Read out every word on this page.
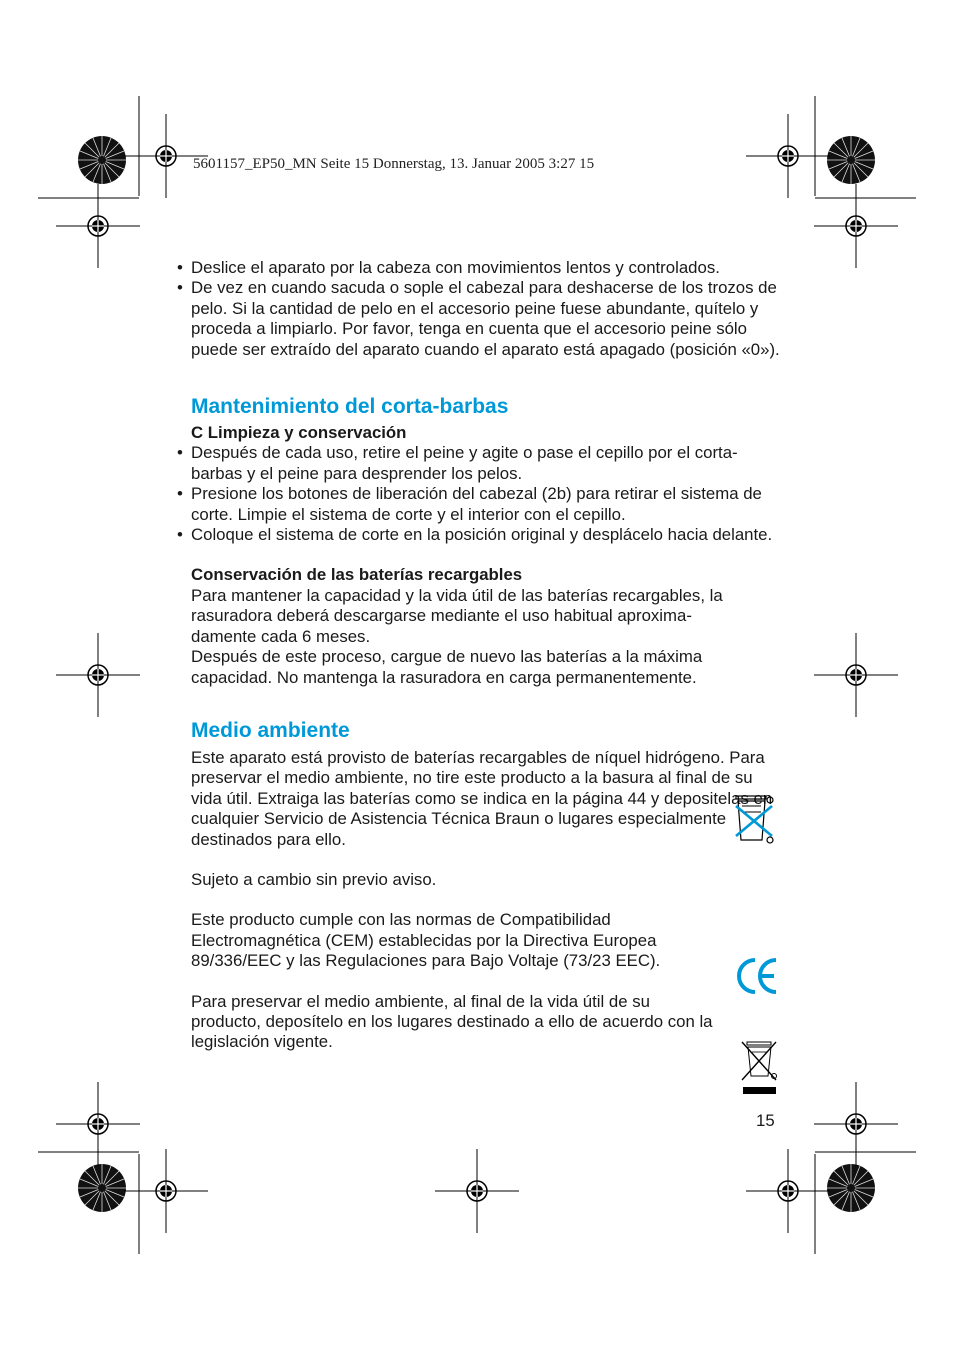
5601157_EP50_MN Seite 15 Donnerstag, 13. Januar 2005 3:27 15
• Deslice el aparato por la cabeza con movimientos lentos y controlados.
• De vez en cuando sacuda o sople el cabezal para deshacerse de los trozos de pelo. Si la cantidad de pelo en el accesorio peine fuese abundante, quítelo y proceda a limpiarlo. Por favor, tenga en cuenta que el accesorio peine sólo puede ser extraído del aparato cuando el aparato está apagado (posición «0»).
Mantenimiento del corta-barbas
C Limpieza y conservación
• Después de cada uso, retire el peine y agite o pase el cepillo por el corta-barbas y el peine para desprender los pelos.
• Presione los botones de liberación del cabezal (2b) para retirar el sistema de corte. Limpie el sistema de corte y el interior con el cepillo.
• Coloque el sistema de corte en la posición original y desplácelo hacia delante.
Conservación de las baterías recargables
Para mantener la capacidad y la vida útil de las baterías recargables, la rasuradora deberá descargarse mediante el uso habitual aproxima-damente cada 6 meses.
Después de este proceso, cargue de nuevo las baterías a la máxima capacidad. No mantenga la rasuradora en carga permanentemente.
Medio ambiente
Este aparato está provisto de baterías recargables de níquel hidrógeno. Para preservar el medio ambiente, no tire este producto a la basura al final de su vida útil. Extraiga las baterías como se indica en la página 44 y depositelas en cualquier Servicio de Asistencia Técnica Braun o lugares especialmente destinados para ello.
Sujeto a cambio sin previo aviso.
Este producto cumple con las normas de Compatibilidad Electromagnética (CEM) establecidas por la Directiva Europea 89/336/EEC y las Regulaciones para Bajo Voltaje (73/23 EEC).
Para preservar el medio ambiente, al final de la vida útil de su producto, deposítelo en los lugares destinado a ello de acuerdo con la legislación vigente.
15
